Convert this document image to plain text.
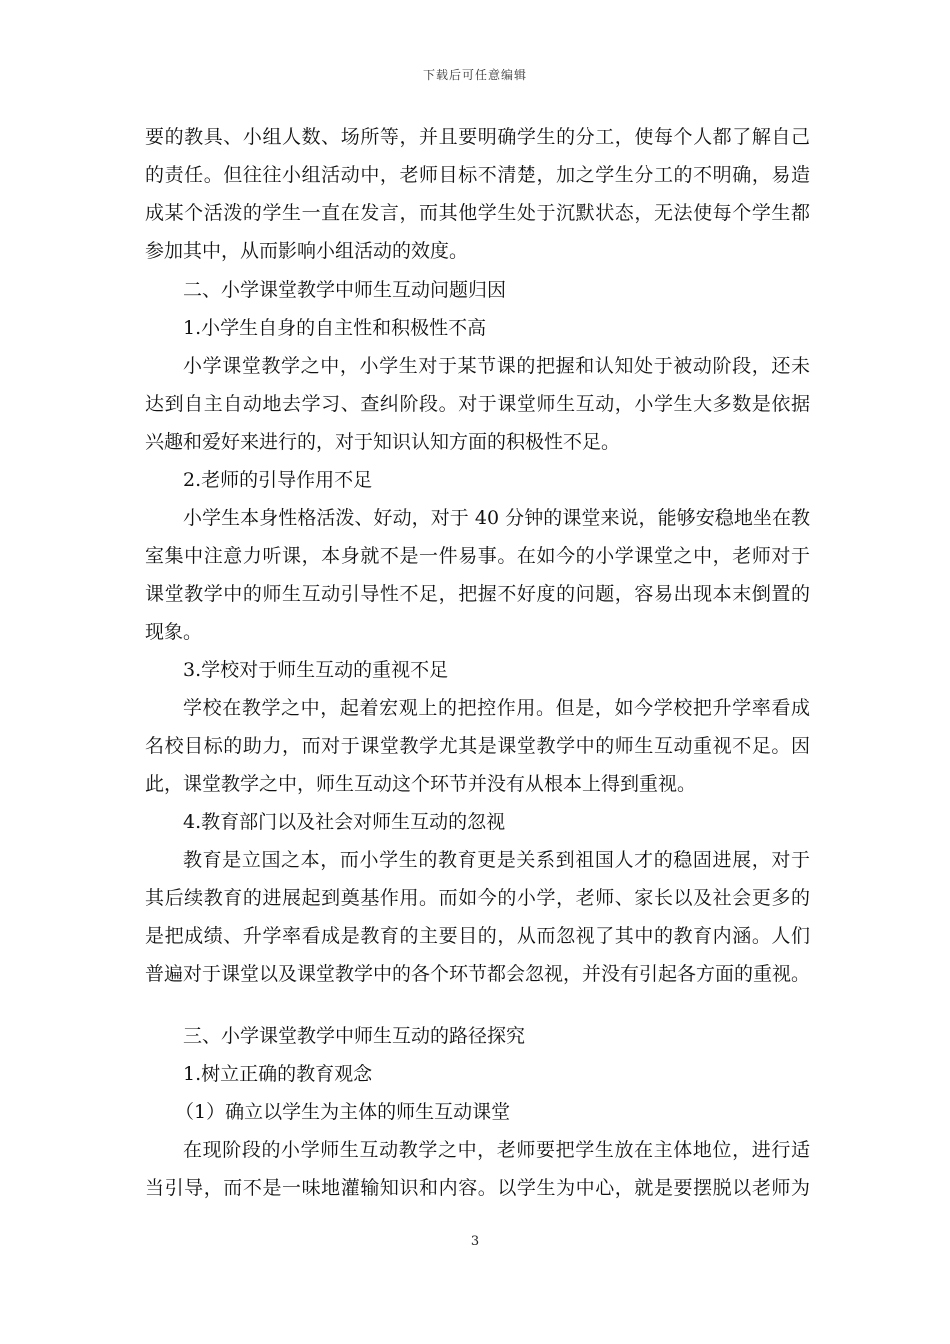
下载后可任意编辑
要的教具、小组人数、场所等，并且要明确学生的分工，使每个人都了解自己
的责任。但往往小组活动中，老师目标不清楚，加之学生分工的不明确，易造
成某个活泼的学生一直在发言，而其他学生处于沉默状态，无法使每个学生都
参加其中，从而影响小组活动的效度。
二、小学课堂教学中师生互动问题归因
1.小学生自身的自主性和积极性不高
小学课堂教学之中，小学生对于某节课的把握和认知处于被动阶段，还未
达到自主自动地去学习、查纠阶段。对于课堂师生互动，小学生大多数是依据
兴趣和爱好来进行的，对于知识认知方面的积极性不足。
2.老师的引导作用不足
小学生本身性格活泼、好动，对于 40 分钟的课堂来说，能够安稳地坐在教
室集中注意力听课，本身就不是一件易事。在如今的小学课堂之中，老师对于
课堂教学中的师生互动引导性不足，把握不好度的问题，容易出现本末倒置的
现象。
3.学校对于师生互动的重视不足
学校在教学之中，起着宏观上的把控作用。但是，如今学校把升学率看成
名校目标的助力，而对于课堂教学尤其是课堂教学中的师生互动重视不足。因
此，课堂教学之中，师生互动这个环节并没有从根本上得到重视。
4.教育部门以及社会对师生互动的忽视
教育是立国之本，而小学生的教育更是关系到祖国人才的稳固进展，对于
其后续教育的进展起到奠基作用。而如今的小学，老师、家长以及社会更多的
是把成绩、升学率看成是教育的主要目的，从而忽视了其中的教育内涵。人们
普遍对于课堂以及课堂教学中的各个环节都会忽视，并没有引起各方面的重视。
三、小学课堂教学中师生互动的路径探究
1.树立正确的教育观念
（1）确立以学生为主体的师生互动课堂
在现阶段的小学师生互动教学之中，老师要把学生放在主体地位，进行适
当引导，而不是一味地灌输知识和内容。以学生为中心，就是要摆脱以老师为
3
